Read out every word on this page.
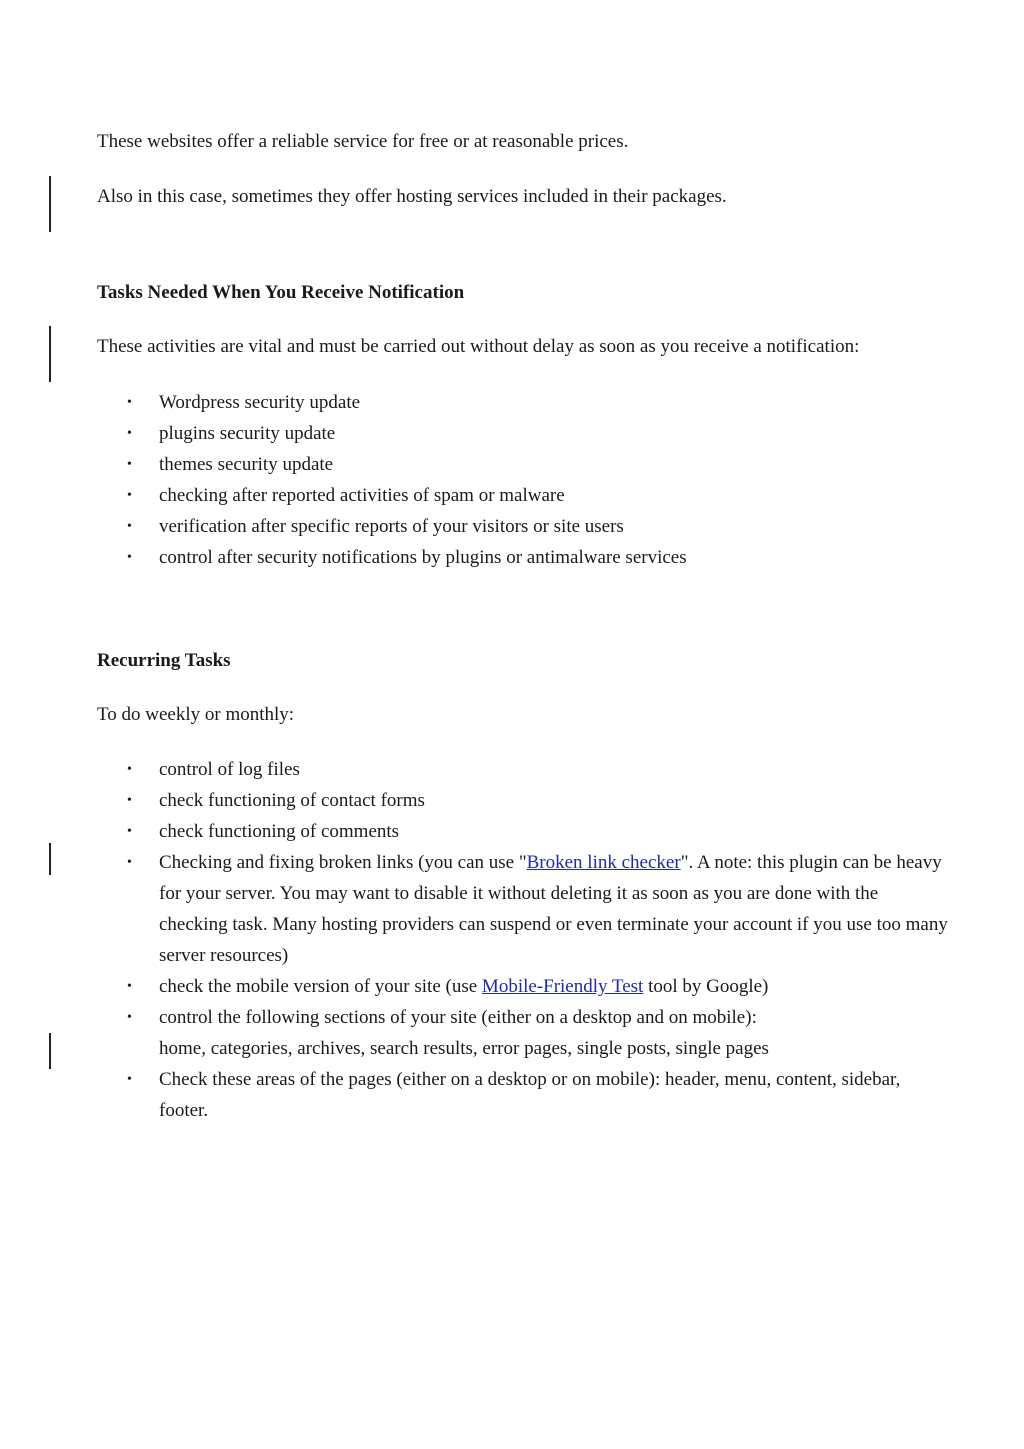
These websites offer a reliable service for free or at reasonable prices.

Also in this case, sometimes they offer hosting services included in their packages.

Tasks Needed When You Receive Notification

These activities are vital and must be carried out without delay as soon as you receive a notification:

• Wordpress security update
• plugins security update
• themes security update
• checking after reported activities of spam or malware
• verification after specific reports of your visitors or site users
• control after security notifications by plugins or antimalware services
Recurring Tasks

To do weekly or monthly:

• control of log files
• check functioning of contact forms
• check functioning of comments
• Checking and fixing broken links (you can use "Broken link checker". A note: this plugin can be heavy for your server. You may want to disable it without deleting it as soon as you are done with the checking task. Many hosting providers can suspend or even terminate your account if you use too many server resources)
• check the mobile version of your site (use Mobile-Friendly Test tool by Google)
• control the following sections of your site (either on a desktop and on mobile):
home, categories, archives, search results, error pages, single posts, single pages
• Check these areas of the pages (either on a desktop or on mobile): header, menu, content, sidebar, footer.
